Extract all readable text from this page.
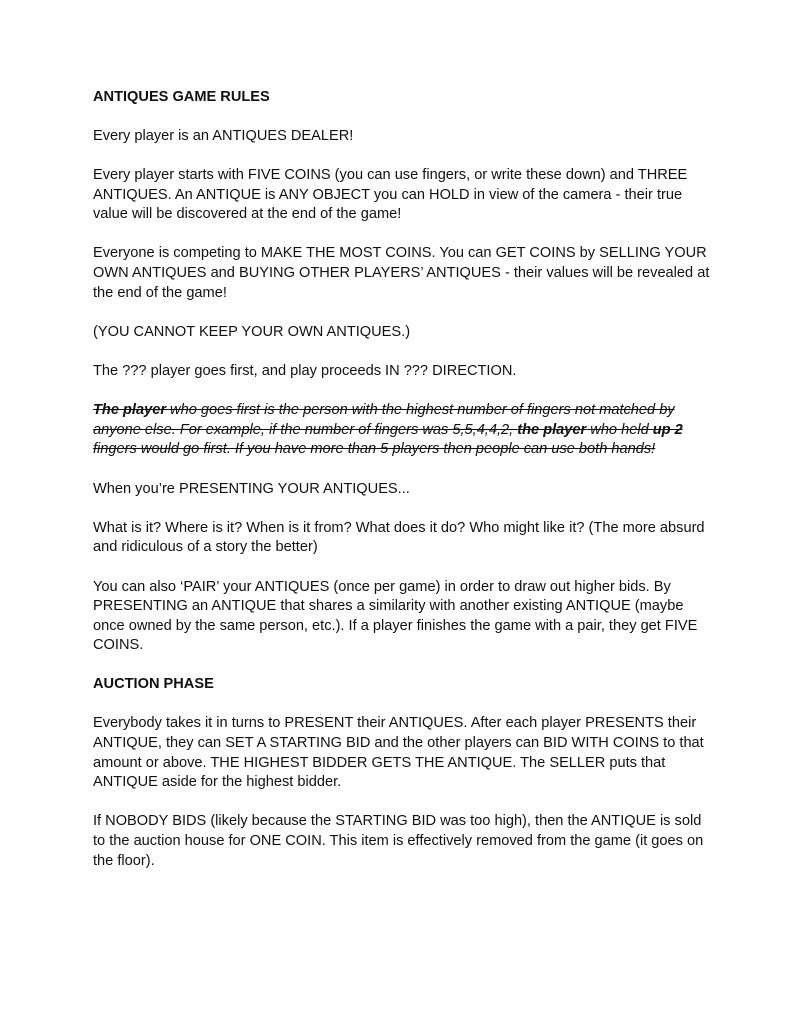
ANTIQUES GAME RULES

Every player is an ANTIQUES DEALER!

Every player starts with FIVE COINS (you can use fingers, or write these down) and THREE ANTIQUES. An ANTIQUE is ANY OBJECT you can HOLD in view of the camera - their true value will be discovered at the end of the game!

Everyone is competing to MAKE THE MOST COINS. You can GET COINS by SELLING YOUR OWN ANTIQUES and BUYING OTHER PLAYERS’ ANTIQUES - their values will be revealed at the end of the game!

(YOU CANNOT KEEP YOUR OWN ANTIQUES.)

The ??? player goes first, and play proceeds IN ??? DIRECTION.

The player who goes first is the person with the highest number of fingers not matched by anyone else. For example, if the number of fingers was 5,5,4,4,2, the player who held up 2 fingers would go first. If you have more than 5 players then people can use both hands!

When you’re PRESENTING YOUR ANTIQUES...

What is it? Where is it? When is it from? What does it do? Who might like it? (The more absurd and ridiculous of a story the better)

You can also ‘PAIR’ your ANTIQUES (once per game) in order to draw out higher bids. By PRESENTING an ANTIQUE that shares a similarity with another existing ANTIQUE (maybe once owned by the same person, etc.). If a player finishes the game with a pair, they get FIVE COINS.

AUCTION PHASE

Everybody takes it in turns to PRESENT their ANTIQUES. After each player PRESENTS their ANTIQUE, they can SET A STARTING BID and the other players can BID WITH COINS to that amount or above. THE HIGHEST BIDDER GETS THE ANTIQUE. The SELLER puts that ANTIQUE aside for the highest bidder.

If NOBODY BIDS (likely because the STARTING BID was too high), then the ANTIQUE is sold to the auction house for ONE COIN. This item is effectively removed from the game (it goes on the floor).
